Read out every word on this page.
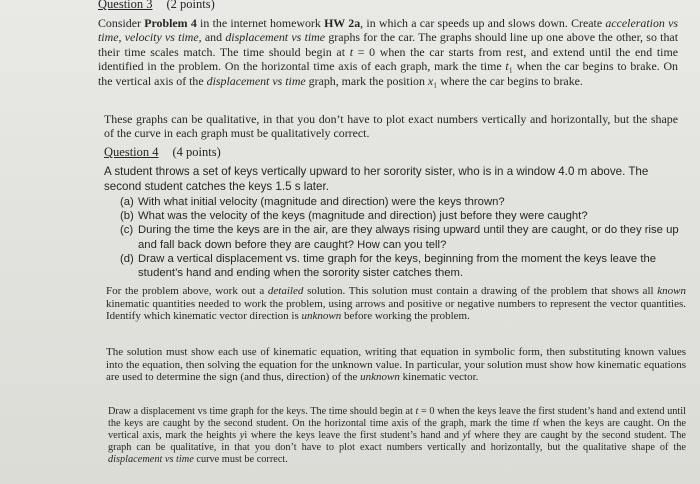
Question 3 (2 points)

Consider Problem 4 in the internet homework HW 2a, in which a car speeds up and slows down. Create acceleration vs time, velocity vs time, and displacement vs time graphs for the car. The graphs should line up one above the other, so that their time scales match. The time should begin at t = 0 when the car starts from rest, and extend until the end time identified in the problem. On the horizontal time axis of each graph, mark the time t₁ when the car begins to brake. On the vertical axis of the displacement vs time graph, mark the position x₁ where the car begins to brake.

These graphs can be qualitative, in that you don’t have to plot exact numbers vertically and horizontally, but the shape of the curve in each graph must be qualitatively correct.

Question 4 (4 points)

A student throws a set of keys vertically upward to her sorority sister, who is in a window 4.0 m above. The second student catches the keys 1.5 s later.

(a) With what initial velocity (magnitude and direction) were the keys thrown?
(b) What was the velocity of the keys (magnitude and direction) just before they were caught?
(c) During the time the keys are in the air, are they always rising upward until they are caught, or do they rise up and fall back down before they are caught? How can you tell?
(d) Draw a vertical displacement vs. time graph for the keys, beginning from the moment the keys leave the student’s hand and ending when the sorority sister catches them.

For the problem above, work out a detailed solution. This solution must contain a drawing of the problem that shows all known kinematic quantities needed to work the problem, using arrows and positive or negative numbers to represent the vector quantities. Identify which kinematic vector direction is unknown before working the problem.

The solution must show each use of kinematic equation, writing that equation in symbolic form, then substituting known values into the equation, then solving the equation for the unknown value. In particular, your solution must show how kinematic equations are used to determine the sign (and thus, direction) of the unknown kinematic vector.

Draw a displacement vs time graph for the keys. The time should begin at t = 0 when the keys leave the first student’s hand and extend until the keys are caught by the second student. On the horizontal time axis of the graph, mark the time tf when the keys are caught. On the vertical axis, mark the heights yi where the keys leave the first student’s hand and yf where they are caught by the second student. The graph can be qualitative, in that you don’t have to plot exact numbers vertically and horizontally, but the qualitative shape of the displacement vs time curve must be correct.
